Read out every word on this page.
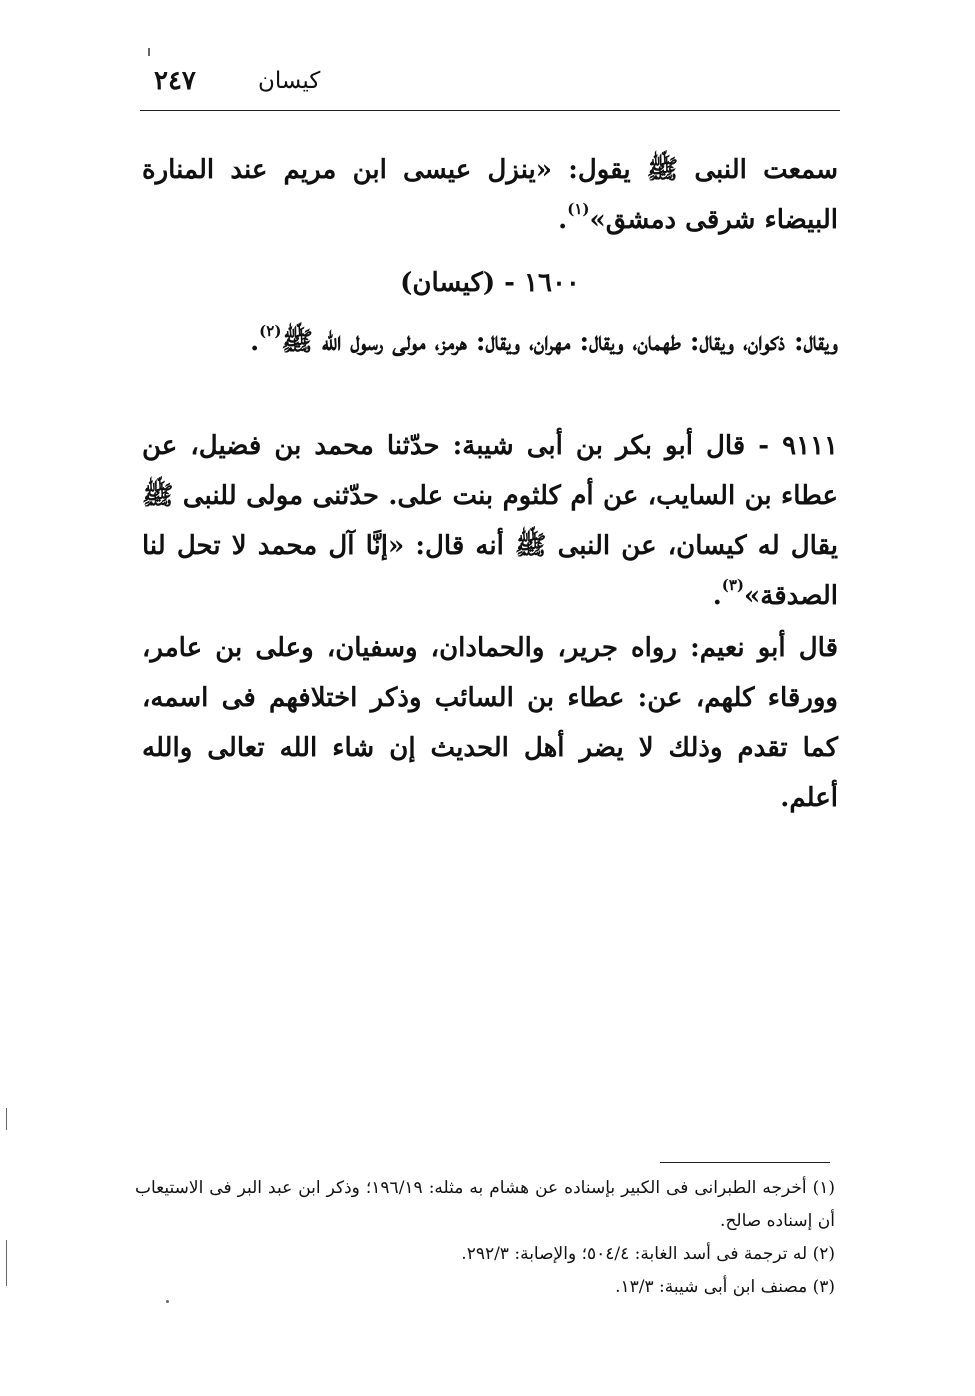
٢٤٧	كيسان

سمعت النبى ﷺ يقول: «ينزل عيسى ابن مريم عند المنارة البيضاء شرقى دمشق»$^{(١)}$.

١٦٠٠ - (كيسان)

ويقال: ذكوان، ويقال: طهمان، ويقال: مهران، ويقال: هرمز، مولى رسول الله ﷺ$^{(٢)}$.

٩١١١ - قال أبو بكر بن أبى شيبة: حدّثنا محمد بن فضيل، عن عطاء بن السايب، عن أم كلثوم بنت على. حدّثنى مولى للنبى ﷺ يقال له كيسان، عن النبى ﷺ أنه قال: «إنَّا آل محمد لا تحل لنا الصدقة»$^{(٣)}$.

قال أبو نعيم: رواه جرير، والحمادان، وسفيان، وعلى بن عامر، وورقاء كلهم، عن: عطاء بن السائب وذكر اختلافهم فى اسمه، كما تقدم وذلك لا يضر أهل الحديث إن شاء الله تعالى والله أعلم.

(١) أخرجه الطبرانى فى الكبير بإسناده عن هشام به مثله: ١٩٦/١٩؛ وذكر ابن عبد البر فى الاستيعاب أن إسناده صالح.

(٢) له ترجمة فى أسد الغابة: ٥٠٤/٤؛ والإصابة: ٢٩٢/٣.

(٣) مصنف ابن أبى شيبة: ١٣/٣.
